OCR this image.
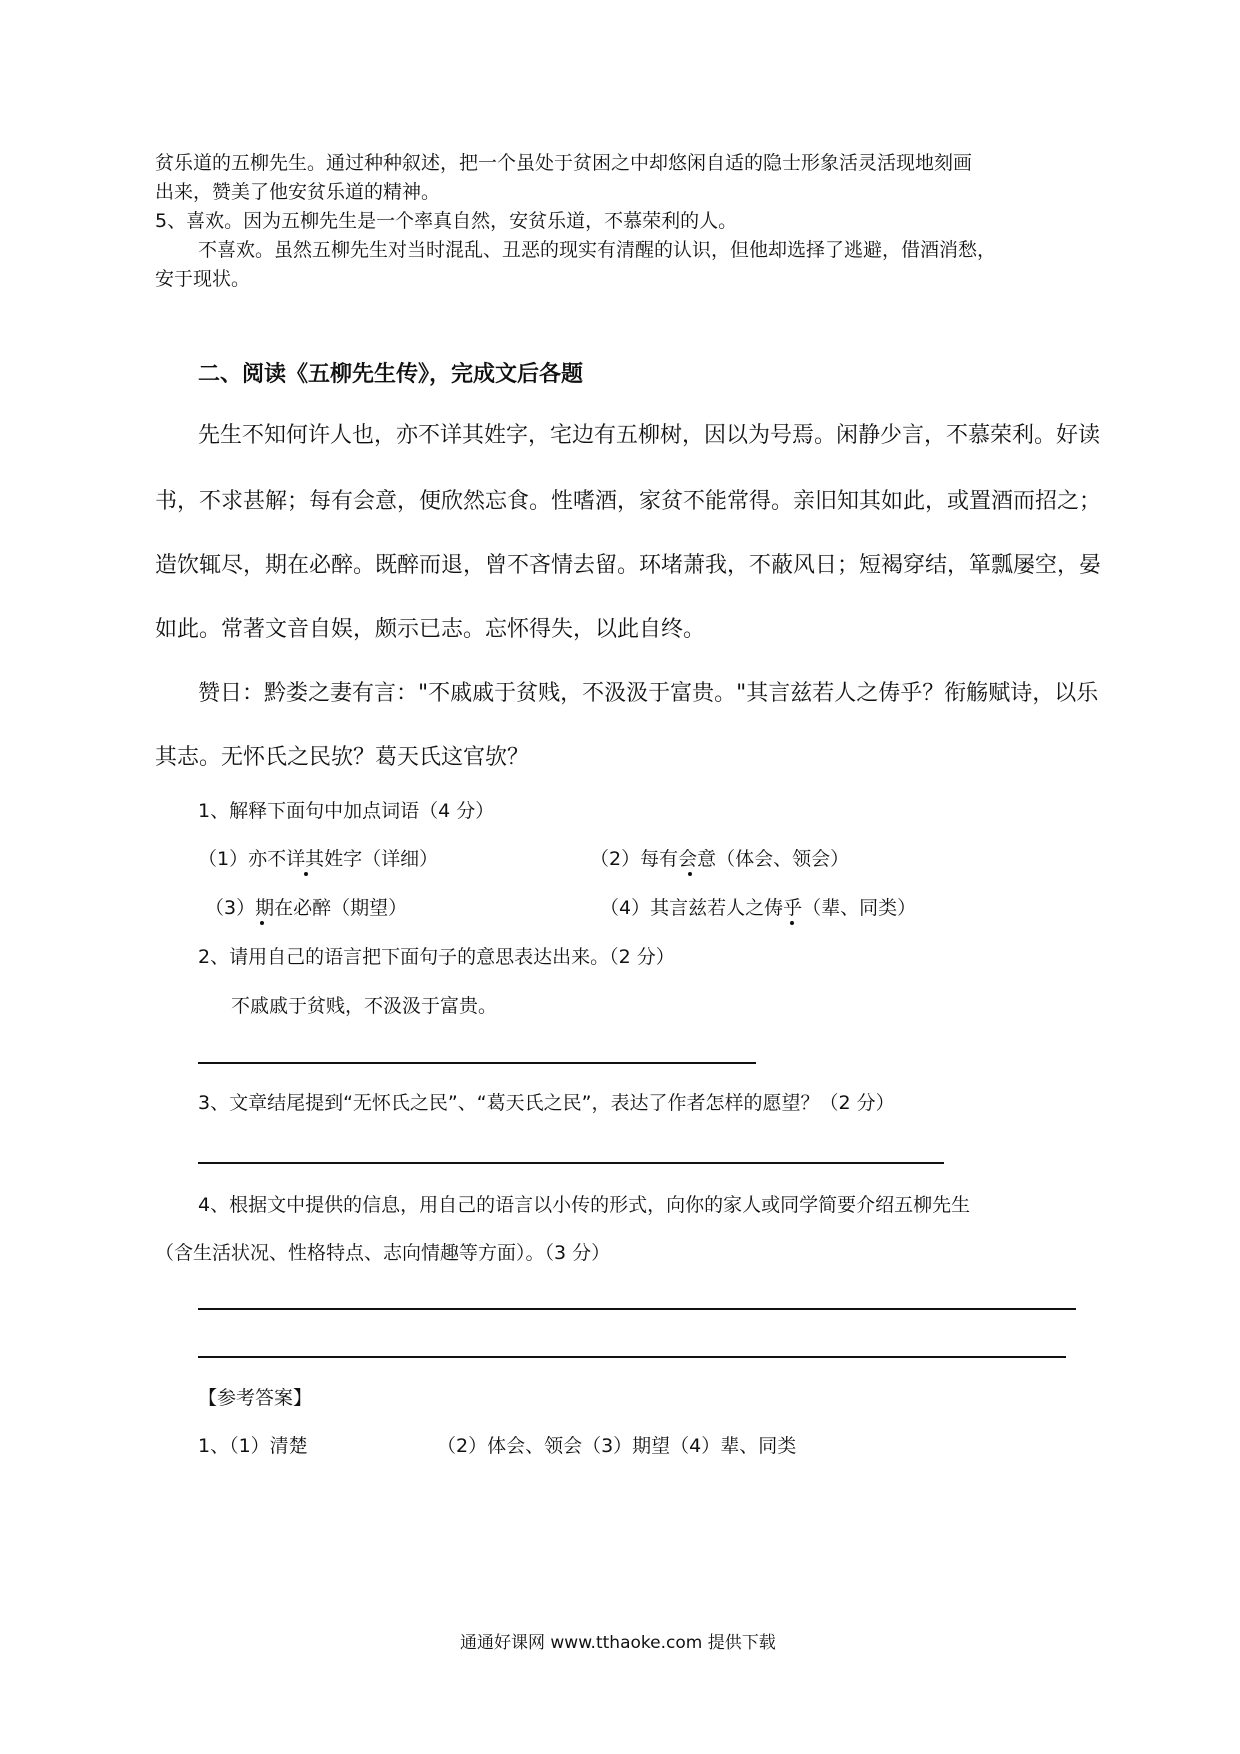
贫乐道的五柳先生。通过种种叙述，把一个虽处于贫困之中却悠闲自适的隐士形象活灵活现地刻画
出来，赞美了他安贫乐道的精神。
5、喜欢。因为五柳先生是一个率真自然，安贫乐道，不慕荣利的人。
不喜欢。虽然五柳先生对当时混乱、丑恶的现实有清醒的认识，但他却选择了逃避，借酒消愁，
安于现状。
二、阅读《五柳先生传》，完成文后各题
先生不知何许人也，亦不详其姓字，宅边有五柳树，因以为号焉。闲静少言，不慕荣利。好读
书，不求甚解；每有会意，便欣然忘食。性嗜酒，家贫不能常得。亲旧知其如此，或置酒而招之；
造饮辄尽，期在必醉。既醉而退，曾不吝情去留。环堵萧我，不蔽风日；短褐穿结，箪瓢屡空，晏
如此。常著文音自娱，颇示已志。忘怀得失，以此自终。
赞日：黔娄之妻有言："不戚戚于贫贱，不汲汲于富贵。"其言兹若人之俦乎？衔觞赋诗，以乐
其志。无怀氏之民欤？葛天氏这官欤？
1、解释下面句中加点词语（4 分）
（1）亦不详其姓字（详细）	（2）每有会意（体会、领会）
（3）期在必醉（期望）	（4）其言兹若人之俦乎（辈、同类）
2、请用自己的语言把下面句子的意思表达出来。（2 分）
不戚戚于贫贱，不汲汲于富贵。
3、文章结尾提到“无怀氏之民”、“葛天氏之民”，表达了作者怎样的愿望？（2 分）
4、根据文中提供的信息，用自己的语言以小传的形式，向你的家人或同学简要介绍五柳先生
（含生活状况、性格特点、志向情趣等方面）。（3 分）
【参考答案】
1、（1）清楚	（2）体会、领会（3）期望（4）辈、同类
通通好课网 www.tthaoke.com 提供下载
